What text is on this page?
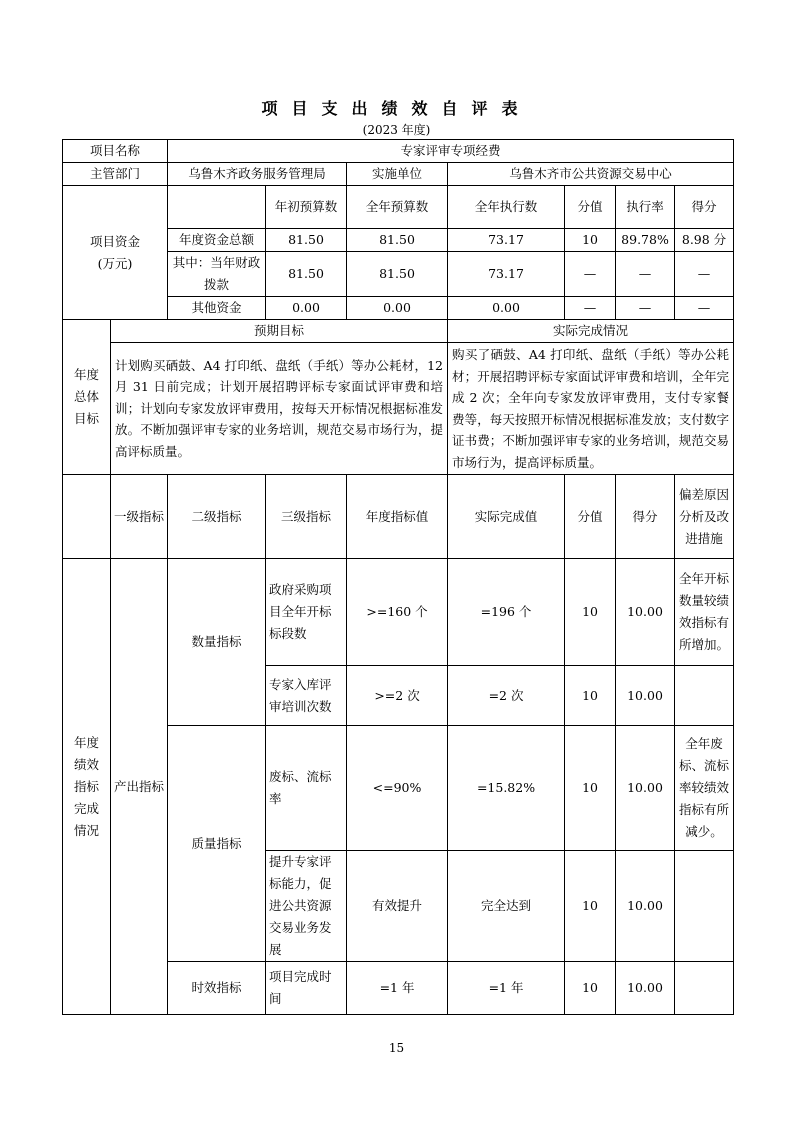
项目支出绩效自评表
(2023 年度)
项目名称		专家评审专项经费						
主管部门		乌鲁木齐政务服务管理局		实施单位	乌鲁木齐市公共资源交易中心			
项目资金
(万元)			年初预算数	全年预算数	全年执行数	分值	执行率	得分
		年度资金总额	81.50	81.50	73.17	10	89.78%	8.98 分
		其中：当年财政拨款	81.50	81.50	73.17	—	—	—
		其他资金	0.00	0.00	0.00	—	—	—
年度
总体
目标	预期目标				实际完成情况			

	计划购买硒鼓、A4 打印纸、盘纸（手纸）等办公耗材，12 月 31 日前完成；计划开展招聘评标专家面试评审费和培训；计划向专家发放评审费用，按每天开标情况根据标准发放。不断加强评审专家的业务培训，规范交易市场行为，提高评标质量。				购买了硒鼓、A4 打印纸、盘纸（手纸）等办公耗材；开展招聘评标专家面试评审费和培训，全年完成 2 次；全年向专家发放评审费用，支付专家餐费等，每天按照开标情况根据标准发放；支付数字证书费；不断加强评审专家的业务培训，规范交易市场行为，提高评标质量。			

	一级指标	二级指标	三级指标	年度指标值	实际完成值	分值	得分	偏差原因分析及改进措施
年度
绩效
指标
完成
情况	产出指标	数量指标	政府采购项目全年开标标段数	>=160 个	=196 个	10	10.00	全年开标数量较绩效指标有所增加。
			专家入库评审培训次数	>=2 次	=2 次	10	10.00	
		质量指标	废标、流标率	<=90%	=15.82%	10	10.00	全年废标、流标率较绩效指标有所减少。
			提升专家评标能力，促进公共资源交易业务发展	有效提升	完全达到	10	10.00	
		时效指标	项目完成时间	=1 年	=1 年	10	10.00	
15
